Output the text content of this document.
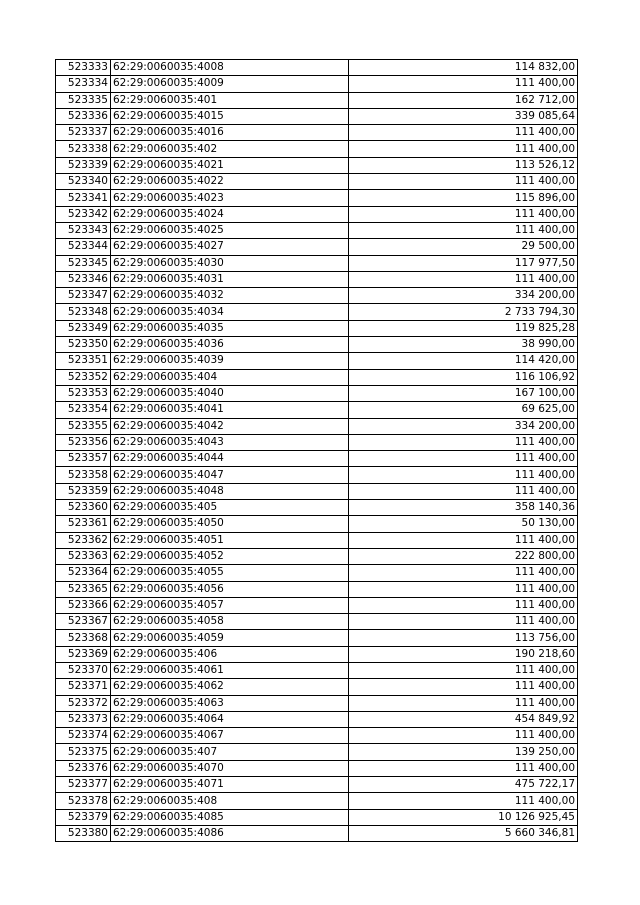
523333	62:29:0060035:4008	114 832,00
523334	62:29:0060035:4009	111 400,00
523335	62:29:0060035:401	162 712,00
523336	62:29:0060035:4015	339 085,64
523337	62:29:0060035:4016	111 400,00
523338	62:29:0060035:402	111 400,00
523339	62:29:0060035:4021	113 526,12
523340	62:29:0060035:4022	111 400,00
523341	62:29:0060035:4023	115 896,00
523342	62:29:0060035:4024	111 400,00
523343	62:29:0060035:4025	111 400,00
523344	62:29:0060035:4027	29 500,00
523345	62:29:0060035:4030	117 977,50
523346	62:29:0060035:4031	111 400,00
523347	62:29:0060035:4032	334 200,00
523348	62:29:0060035:4034	2 733 794,30
523349	62:29:0060035:4035	119 825,28
523350	62:29:0060035:4036	38 990,00
523351	62:29:0060035:4039	114 420,00
523352	62:29:0060035:404	116 106,92
523353	62:29:0060035:4040	167 100,00
523354	62:29:0060035:4041	69 625,00
523355	62:29:0060035:4042	334 200,00
523356	62:29:0060035:4043	111 400,00
523357	62:29:0060035:4044	111 400,00
523358	62:29:0060035:4047	111 400,00
523359	62:29:0060035:4048	111 400,00
523360	62:29:0060035:405	358 140,36
523361	62:29:0060035:4050	50 130,00
523362	62:29:0060035:4051	111 400,00
523363	62:29:0060035:4052	222 800,00
523364	62:29:0060035:4055	111 400,00
523365	62:29:0060035:4056	111 400,00
523366	62:29:0060035:4057	111 400,00
523367	62:29:0060035:4058	111 400,00
523368	62:29:0060035:4059	113 756,00
523369	62:29:0060035:406	190 218,60
523370	62:29:0060035:4061	111 400,00
523371	62:29:0060035:4062	111 400,00
523372	62:29:0060035:4063	111 400,00
523373	62:29:0060035:4064	454 849,92
523374	62:29:0060035:4067	111 400,00
523375	62:29:0060035:407	139 250,00
523376	62:29:0060035:4070	111 400,00
523377	62:29:0060035:4071	475 722,17
523378	62:29:0060035:408	111 400,00
523379	62:29:0060035:4085	10 126 925,45
523380	62:29:0060035:4086	5 660 346,81
